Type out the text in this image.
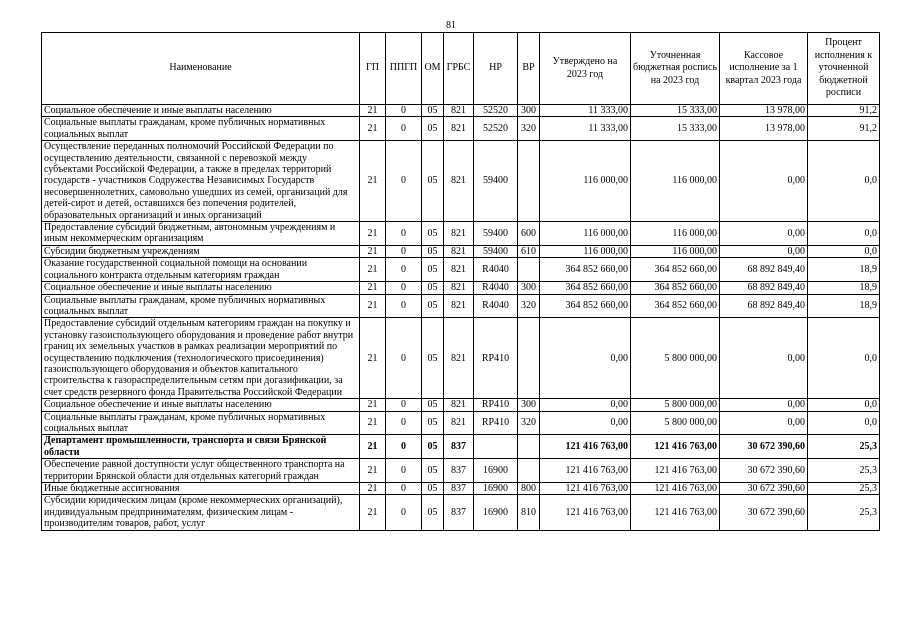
81
Наименование	ГП	ППГП	ОМ	ГРБС	НР	ВР	Утверждено на 2023 год	Уточненная бюджетная роспись на 2023 год	Кассовое исполнение за 1 квартал 2023 года	Процент исполнения к уточненной бюджетной росписи
Социальное обеспечение и иные выплаты населению	21	0	05	821	52520	300	11 333,00	15 333,00	13 978,00	91,2
Социальные выплаты гражданам, кроме публичных нормативных социальных выплат	21	0	05	821	52520	320	11 333,00	15 333,00	13 978,00	91,2
Осуществление переданных полномочий Российской Федерации по осуществлению деятельности, связанной с перевозкой между субъектами Российской Федерации, а также в пределах территорий государств - участников Содружества Независимых Государств несовершеннолетних, самовольно ушедших из семей, организаций для детей-сирот и детей, оставшихся без попечения родителей, образовательных организаций и иных организаций	21	0	05	821	59400		116 000,00	116 000,00	0,00	0,0
Предоставление субсидий бюджетным, автономным учреждениям и иным некоммерческим организациям	21	0	05	821	59400	600	116 000,00	116 000,00	0,00	0,0
Субсидии бюджетным учреждениям	21	0	05	821	59400	610	116 000,00	116 000,00	0,00	0,0
Оказание государственной социальной помощи на основании социального контракта отдельным категориям граждан	21	0	05	821	R4040		364 852 660,00	364 852 660,00	68 892 849,40	18,9
Социальное обеспечение и иные выплаты населению	21	0	05	821	R4040	300	364 852 660,00	364 852 660,00	68 892 849,40	18,9
Социальные выплаты гражданам, кроме публичных нормативных социальных выплат	21	0	05	821	R4040	320	364 852 660,00	364 852 660,00	68 892 849,40	18,9
Предоставление субсидий отдельным категориям граждан на покупку и установку газоиспользующего оборудования и проведение работ внутри границ их земельных участков в рамках реализации мероприятий по осуществлению подключения (технологического присоединения) газоиспользующего оборудования и объектов капитального строительства к газораспределительным сетям при догазификации, за счет средств резервного фонда Правительства Российской Федерации	21	0	05	821	RP410		0,00	5 800 000,00	0,00	0,0
Социальное обеспечение и иные выплаты населению	21	0	05	821	RP410	300	0,00	5 800 000,00	0,00	0,0
Социальные выплаты гражданам, кроме публичных нормативных социальных выплат	21	0	05	821	RP410	320	0,00	5 800 000,00	0,00	0,0
Департамент промышленности, транспорта и связи Брянской области	21	0	05	837			121 416 763,00	121 416 763,00	30 672 390,60	25,3
Обеспечение равной доступности услуг общественного транспорта на территории Брянской области для отдельных категорий граждан	21	0	05	837	16900		121 416 763,00	121 416 763,00	30 672 390,60	25,3
Иные бюджетные ассигнования	21	0	05	837	16900	800	121 416 763,00	121 416 763,00	30 672 390,60	25,3
Субсидии юридическим лицам (кроме некоммерческих организаций), индивидуальным предпринимателям, физическим лицам - производителям товаров, работ, услуг	21	0	05	837	16900	810	121 416 763,00	121 416 763,00	30 672 390,60	25,3
